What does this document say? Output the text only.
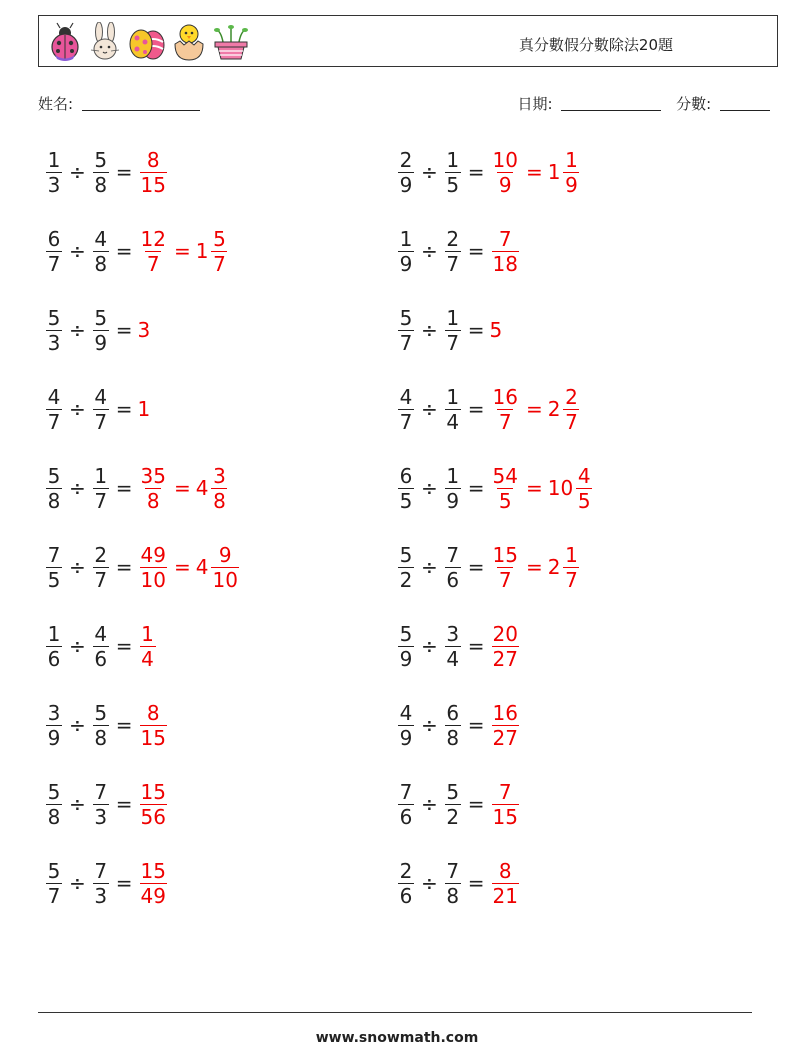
真分數假分數除法20題
姓名:	日期:	分數:
$\frac{1}{3} \div \frac{5}{8} = \frac{8}{15}$	$\frac{2}{9} \div \frac{1}{5} = \frac{10}{9} = 1 \frac{1}{9}$
$\frac{6}{7} \div \frac{4}{8} = \frac{12}{7} = 1 \frac{5}{7}$	$\frac{1}{9} \div \frac{2}{7} = \frac{7}{18}$
$\frac{5}{3} \div \frac{5}{9} = 3$	$\frac{5}{7} \div \frac{1}{7} = 5$
$\frac{4}{7} \div \frac{4}{7} = 1$	$\frac{4}{7} \div \frac{1}{4} = \frac{16}{7} = 2 \frac{2}{7}$
$\frac{5}{8} \div \frac{1}{7} = \frac{35}{8} = 4 \frac{3}{8}$	$\frac{6}{5} \div \frac{1}{9} = \frac{54}{5} = 10 \frac{4}{5}$
$\frac{7}{5} \div \frac{2}{7} = \frac{49}{10} = 4 \frac{9}{10}$	$\frac{5}{2} \div \frac{7}{6} = \frac{15}{7} = 2 \frac{1}{7}$
$\frac{1}{6} \div \frac{4}{6} = \frac{1}{4}$	$\frac{5}{9} \div \frac{3}{4} = \frac{20}{27}$
$\frac{3}{9} \div \frac{5}{8} = \frac{8}{15}$	$\frac{4}{9} \div \frac{6}{8} = \frac{16}{27}$
$\frac{5}{8} \div \frac{7}{3} = \frac{15}{56}$	$\frac{7}{6} \div \frac{5}{2} = \frac{7}{15}$
$\frac{5}{7} \div \frac{7}{3} = \frac{15}{49}$	$\frac{2}{6} \div \frac{7}{8} = \frac{8}{21}$
www.snowmath.com
